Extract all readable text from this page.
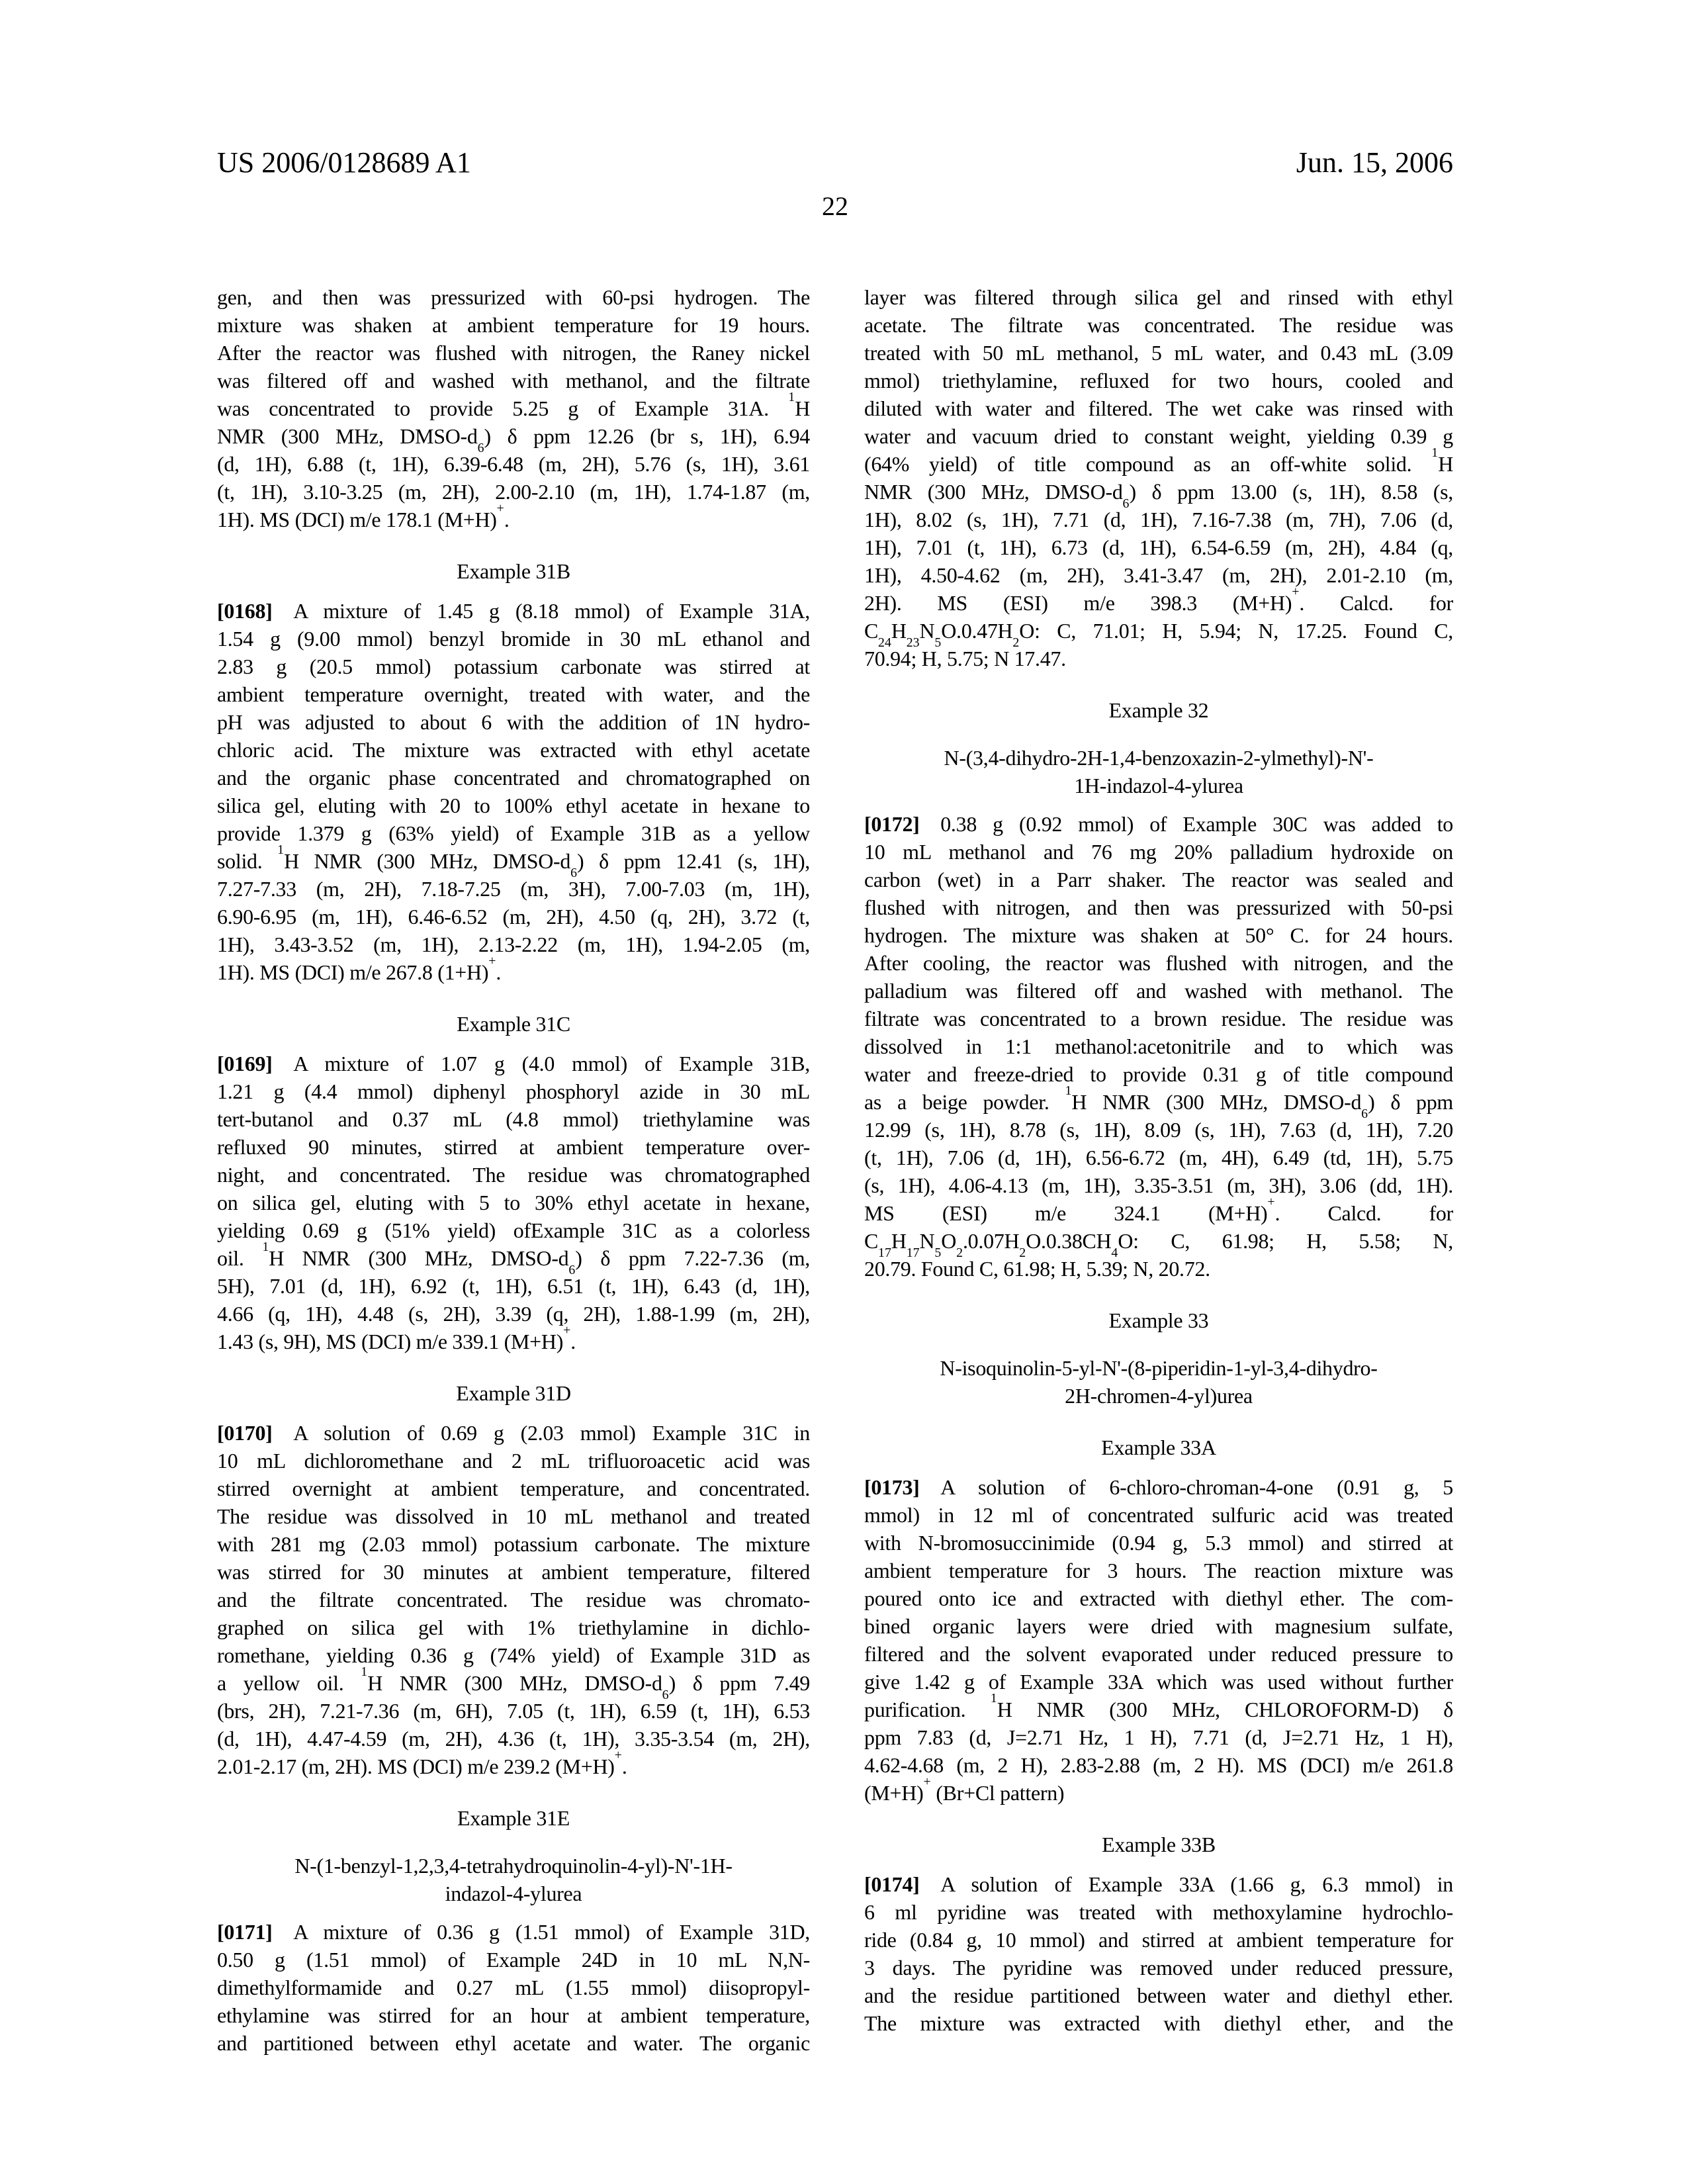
US 2006/0128689 A1	Jun. 15, 2006
22
gen, and then was pressurized with 60-psi hydrogen. The
mixture was shaken at ambient temperature for 19 hours.
After the reactor was flushed with nitrogen, the Raney nickel
was filtered off and washed with methanol, and the filtrate
was concentrated to provide 5.25 g of Example 31A. $^1$H
NMR (300 MHz, DMSO-$d_6$) δ ppm 12.26 (br s, 1H), 6.94
(d, 1H), 6.88 (t, 1H), 6.39-6.48 (m, 2H), 5.76 (s, 1H), 3.61
(t, 1H), 3.10-3.25 (m, 2H), 2.00-2.10 (m, 1H), 1.74-1.87 (m,
1H). MS (DCI) m/e 178.1 (M+H)+.
Example 31B
[0168] A mixture of 1.45 g (8.18 mmol) of Example 31A,
1.54 g (9.00 mmol) benzyl bromide in 30 mL ethanol and
2.83 g (20.5 mmol) potassium carbonate was stirred at
ambient temperature overnight, treated with water, and the
pH was adjusted to about 6 with the addition of 1N hydro-
chloric acid. The mixture was extracted with ethyl acetate
and the organic phase concentrated and chromatographed on
silica gel, eluting with 20 to 100% ethyl acetate in hexane to
provide 1.379 g (63% yield) of Example 31B as a yellow
solid. $^1$H NMR (300 MHz, DMSO-$d_6$) δ ppm 12.41 (s, 1H),
7.27-7.33 (m, 2H), 7.18-7.25 (m, 3H), 7.00-7.03 (m, 1H),
6.90-6.95 (m, 1H), 6.46-6.52 (m, 2H), 4.50 (q, 2H), 3.72 (t,
1H), 3.43-3.52 (m, 1H), 2.13-2.22 (m, 1H), 1.94-2.05 (m,
1H). MS (DCI) m/e 267.8 (1+H)+.
Example 31C
[0169] A mixture of 1.07 g (4.0 mmol) of Example 31B,
1.21 g (4.4 mmol) diphenyl phosphoryl azide in 30 mL
tert-butanol and 0.37 mL (4.8 mmol) triethylamine was
refluxed 90 minutes, stirred at ambient temperature over-
night, and concentrated. The residue was chromatographed
on silica gel, eluting with 5 to 30% ethyl acetate in hexane,
yielding 0.69 g (51% yield) ofExample 31C as a colorless
oil. $^1$H NMR (300 MHz, DMSO-$d_6$) δ ppm 7.22-7.36 (m,
5H), 7.01 (d, 1H), 6.92 (t, 1H), 6.51 (t, 1H), 6.43 (d, 1H),
4.66 (q, 1H), 4.48 (s, 2H), 3.39 (q, 2H), 1.88-1.99 (m, 2H),
1.43 (s, 9H), MS (DCI) m/e 339.1 (M+H)+.
Example 31D
[0170] A solution of 0.69 g (2.03 mmol) Example 31C in
10 mL dichloromethane and 2 mL trifluoroacetic acid was
stirred overnight at ambient temperature, and concentrated.
The residue was dissolved in 10 mL methanol and treated
with 281 mg (2.03 mmol) potassium carbonate. The mixture
was stirred for 30 minutes at ambient temperature, filtered
and the filtrate concentrated. The residue was chromato-
graphed on silica gel with 1% triethylamine in dichlo-
romethane, yielding 0.36 g (74% yield) of Example 31D as
a yellow oil. $^1$H NMR (300 MHz, DMSO-$d_6$) δ ppm 7.49
(brs, 2H), 7.21-7.36 (m, 6H), 7.05 (t, 1H), 6.59 (t, 1H), 6.53
(d, 1H), 4.47-4.59 (m, 2H), 4.36 (t, 1H), 3.35-3.54 (m, 2H),
2.01-2.17 (m, 2H). MS (DCI) m/e 239.2 (M+H)+.
Example 31E
N-(1-benzyl-1,2,3,4-tetrahydroquinolin-4-yl)-N'-1H-
indazol-4-ylurea
[0171] A mixture of 0.36 g (1.51 mmol) of Example 31D,
0.50 g (1.51 mmol) of Example 24D in 10 mL N,N-
dimethylformamide and 0.27 mL (1.55 mmol) diisopropyl-
ethylamine was stirred for an hour at ambient temperature,
and partitioned between ethyl acetate and water. The organic
layer was filtered through silica gel and rinsed with ethyl
acetate. The filtrate was concentrated. The residue was
treated with 50 mL methanol, 5 mL water, and 0.43 mL (3.09
mmol) triethylamine, refluxed for two hours, cooled and
diluted with water and filtered. The wet cake was rinsed with
water and vacuum dried to constant weight, yielding 0.39 g
(64% yield) of title compound as an off-white solid. $^1$H
NMR (300 MHz, DMSO-$d_6$) δ ppm 13.00 (s, 1H), 8.58 (s,
1H), 8.02 (s, 1H), 7.71 (d, 1H), 7.16-7.38 (m, 7H), 7.06 (d,
1H), 7.01 (t, 1H), 6.73 (d, 1H), 6.54-6.59 (m, 2H), 4.84 (q,
1H), 4.50-4.62 (m, 2H), 3.41-3.47 (m, 2H), 2.01-2.10 (m,
2H). MS (ESI) m/e 398.3 (M+H)+. Calcd. for
$C_{24}H_{23}N_5O.0.47H_2O$: C, 71.01; H, 5.94; N, 17.25. Found C,
70.94; H, 5.75; N 17.47.
Example 32
N-(3,4-dihydro-2H-1,4-benzoxazin-2-ylmethyl)-N'-
1H-indazol-4-ylurea
[0172] 0.38 g (0.92 mmol) of Example 30C was added to
10 mL methanol and 76 mg 20% palladium hydroxide on
carbon (wet) in a Parr shaker. The reactor was sealed and
flushed with nitrogen, and then was pressurized with 50-psi
hydrogen. The mixture was shaken at 50° C. for 24 hours.
After cooling, the reactor was flushed with nitrogen, and the
palladium was filtered off and washed with methanol. The
filtrate was concentrated to a brown residue. The residue was
dissolved in 1:1 methanol:acetonitrile and to which was
water and freeze-dried to provide 0.31 g of title compound
as a beige powder. $^1$H NMR (300 MHz, DMSO-$d_6$) δ ppm
12.99 (s, 1H), 8.78 (s, 1H), 8.09 (s, 1H), 7.63 (d, 1H), 7.20
(t, 1H), 7.06 (d, 1H), 6.56-6.72 (m, 4H), 6.49 (td, 1H), 5.75
(s, 1H), 4.06-4.13 (m, 1H), 3.35-3.51 (m, 3H), 3.06 (dd, 1H).
MS (ESI) m/e 324.1 (M+H)+. Calcd. for
$C_{17}H_{17}N_5O_2.0.07H_2O.0.38CH_4O$: C, 61.98; H, 5.58; N,
20.79. Found C, 61.98; H, 5.39; N, 20.72.
Example 33
N-isoquinolin-5-yl-N'-(8-piperidin-1-yl-3,4-dihydro-
2H-chromen-4-yl)urea
Example 33A
[0173] A solution of 6-chloro-chroman-4-one (0.91 g, 5
mmol) in 12 ml of concentrated sulfuric acid was treated
with N-bromosuccinimide (0.94 g, 5.3 mmol) and stirred at
ambient temperature for 3 hours. The reaction mixture was
poured onto ice and extracted with diethyl ether. The com-
bined organic layers were dried with magnesium sulfate,
filtered and the solvent evaporated under reduced pressure to
give 1.42 g of Example 33A which was used without further
purification. $^1$H NMR (300 MHz, CHLOROFORM-D) δ
ppm 7.83 (d, J=2.71 Hz, 1 H), 7.71 (d, J=2.71 Hz, 1 H),
4.62-4.68 (m, 2 H), 2.83-2.88 (m, 2 H). MS (DCI) m/e 261.8
(M+H)+ (Br+Cl pattern)
Example 33B
[0174] A solution of Example 33A (1.66 g, 6.3 mmol) in
6 ml pyridine was treated with methoxylamine hydrochlo-
ride (0.84 g, 10 mmol) and stirred at ambient temperature for
3 days. The pyridine was removed under reduced pressure,
and the residue partitioned between water and diethyl ether.
The mixture was extracted with diethyl ether, and the
